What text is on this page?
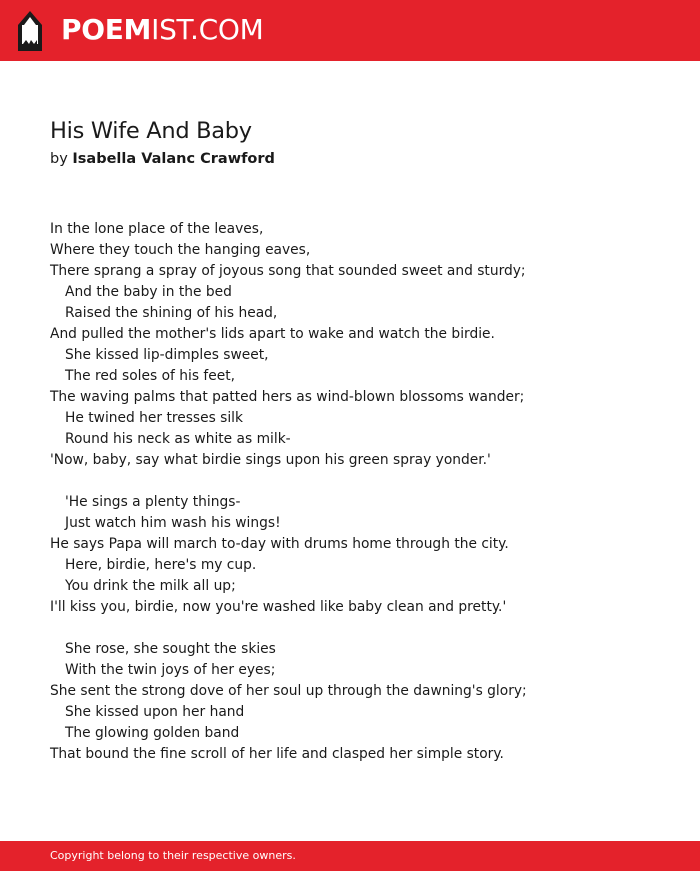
POEMIST.COM
His Wife And Baby
by Isabella Valanc Crawford
In the lone place of the leaves,
Where they touch the hanging eaves,
There sprang a spray of joyous song that sounded sweet and sturdy;
And the baby in the bed
Raised the shining of his head,
And pulled the mother's lids apart to wake and watch the birdie.
She kissed lip-dimples sweet,
The red soles of his feet,
The waving palms that patted hers as wind-blown blossoms wander;
He twined her tresses silk
Round his neck as white as milk-
'Now, baby, say what birdie sings upon his green spray yonder.'
'He sings a plenty things-
Just watch him wash his wings!
He says Papa will march to-day with drums home through the city.
Here, birdie, here's my cup.
You drink the milk all up;
I'll kiss you, birdie, now you're washed like baby clean and pretty.'
She rose, she sought the skies
With the twin joys of her eyes;
She sent the strong dove of her soul up through the dawning's glory;
She kissed upon her hand
The glowing golden band
That bound the fine scroll of her life and clasped her simple story.
Copyright belong to their respective owners.
